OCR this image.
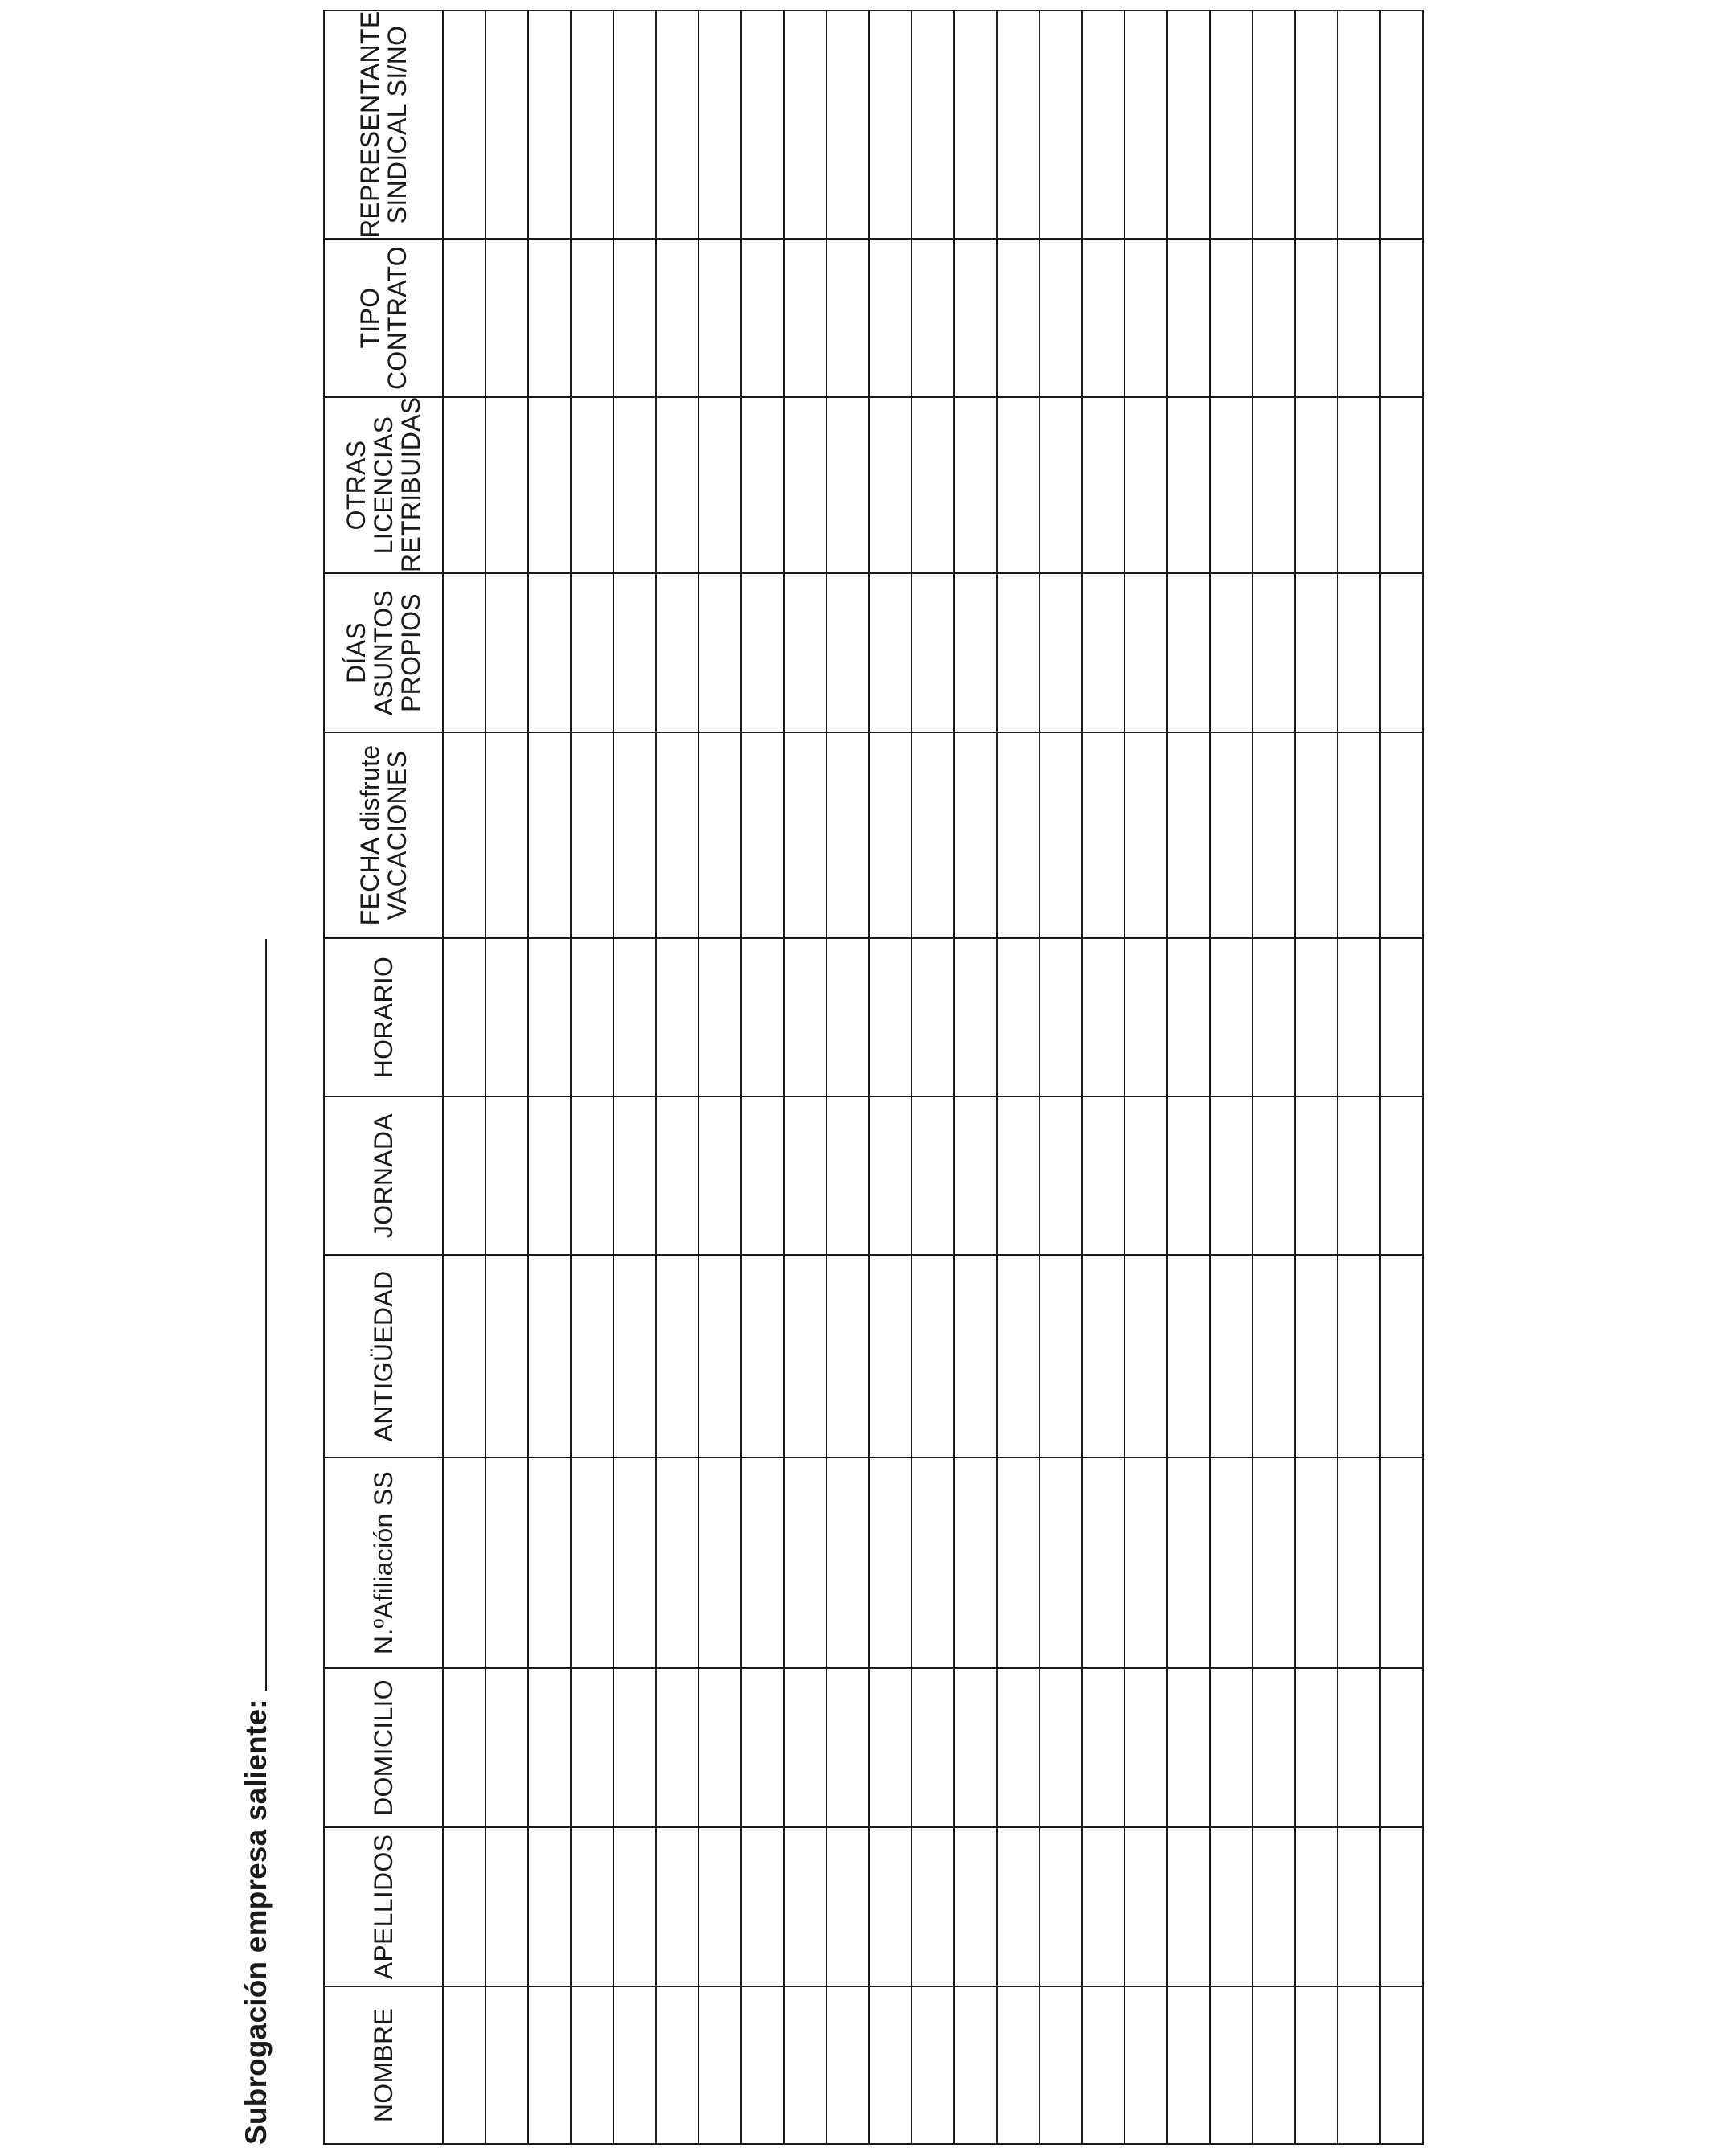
Subrogación empresa saliente:	NOMBRE	APELLIDOS	DOMICILIO	N.ºAfiliación SS	ANTIGÜEDAD	JORNADA	HORARIO	FECHA disfrute
VACACIONES	DÍAS
ASUNTOS
PROPIOS	OTRAS
LICENCIAS
RETRIBUIDAS	TIPO
CONTRATO	REPRESENTANTE
SINDICAL SI/NO
